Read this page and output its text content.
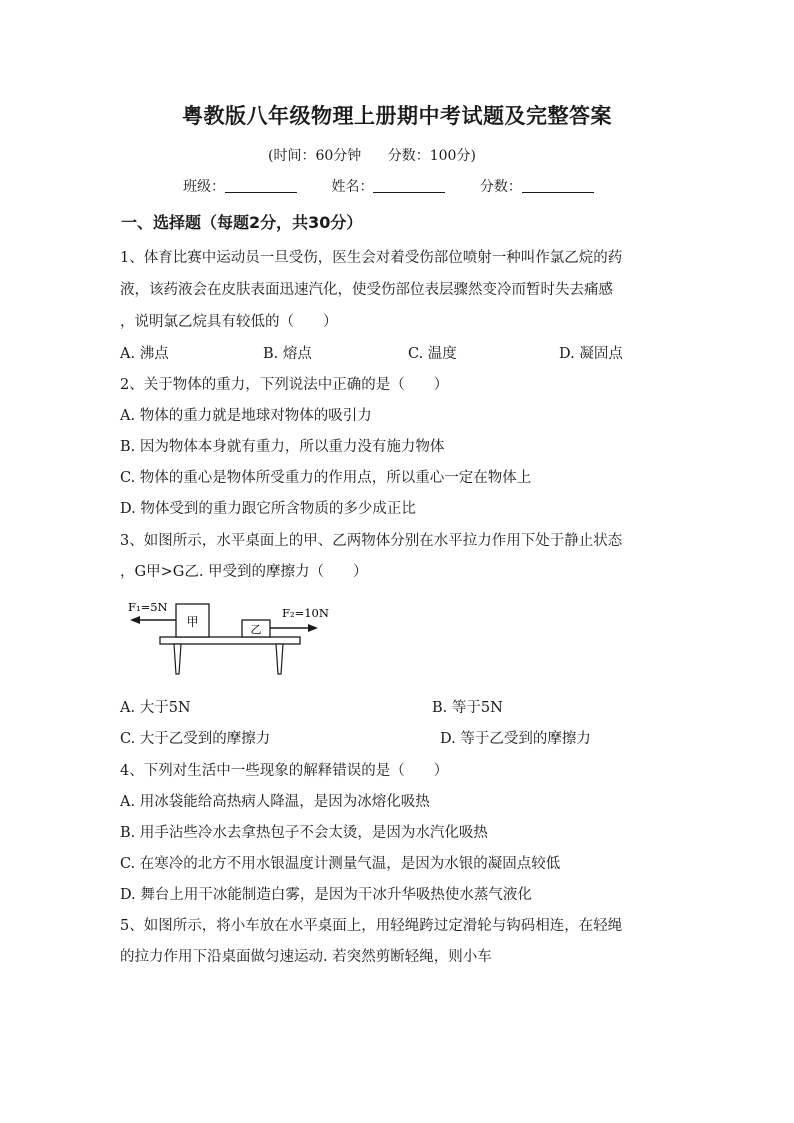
粤教版八年级物理上册期中考试题及完整答案
(时间：60分钟 分数：100分)
班级：	姓名：	分数：
一、选择题（每题2分，共30分）
1、体育比赛中运动员一旦受伤，医生会对着受伤部位喷射一种叫作氯乙烷的药
液，该药液会在皮肤表面迅速汽化，使受伤部位表层骤然变冷而暂时失去痛感
，说明氯乙烷具有较低的（　　）
A. 沸点	B. 熔点	C. 温度	D. 凝固点
2、关于物体的重力，下列说法中正确的是（　　）
A. 物体的重力就是地球对物体的吸引力
B. 因为物体本身就有重力，所以重力没有施力物体
C. 物体的重心是物体所受重力的作用点，所以重心一定在物体上
D. 物体受到的重力跟它所含物质的多少成正比
3、如图所示，水平桌面上的甲、乙两物体分别在水平拉力作用下处于静止状态
，G甲>G乙. 甲受到的摩擦力（　　）
甲
乙
F₁=5N	F₂=10N
A. 大于5N	B. 等于5N
C. 大于乙受到的摩擦力	D. 等于乙受到的摩擦力
4、下列对生活中一些现象的解释错误的是（　　）
A. 用冰袋能给高热病人降温，是因为冰熔化吸热
B. 用手沾些冷水去拿热包子不会太烫，是因为水汽化吸热
C. 在寒冷的北方不用水银温度计测量气温，是因为水银的凝固点较低
D. 舞台上用干冰能制造白雾，是因为干冰升华吸热使水蒸气液化
5、如图所示，将小车放在水平桌面上，用轻绳跨过定滑轮与钩码相连，在轻绳
的拉力作用下沿桌面做匀速运动. 若突然剪断轻绳，则小车
